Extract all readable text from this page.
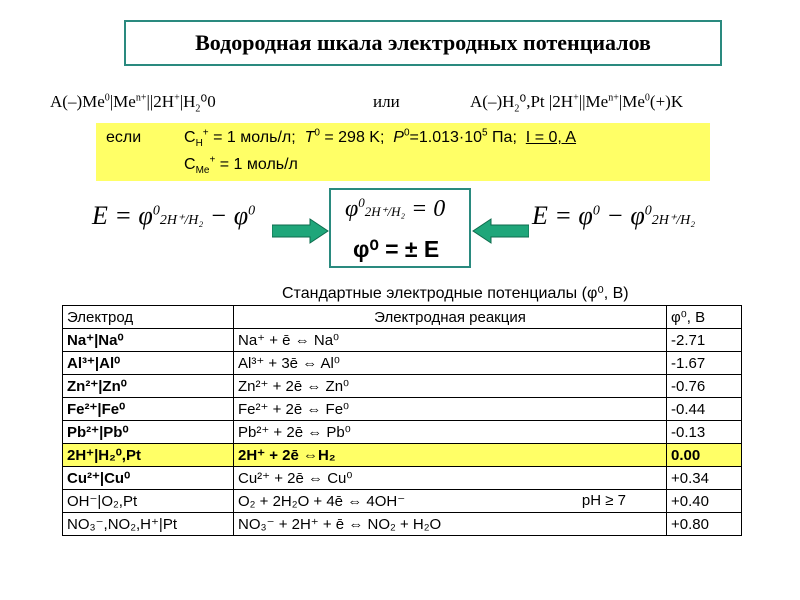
Водородная шкала электродных потенциалов
$A(-)Me^0|Me^{n+}||2H^+|H_2^00$	или	$A(-)H_2^0,Pt$ $|2H^+||Me^{n+}|Me^0(+)K$
если	$C_H^+ = 1$ моль/л; $T^0 = 298$ K; $P^0=1.013\cdot 10^5$ Па; I = 0, A
$C_{Me}^+ = 1$ моль/л
$E = \varphi^02H^+/H_2 - \varphi^0$	$E = \varphi^0 - \varphi^02H^+/H_2$
$\varphi^02H^+/H_2 = 0$
φ⁰ = ± E
Стандартные электродные потенциалы (φ⁰, В)
Электрод	Электродная реакция	φ⁰, В
Na⁺|Na⁰	Na⁺ + ē ⇔ Na⁰	-2.71
Al³⁺|Al⁰	Al³⁺ + 3ē ⇔ Al⁰	-1.67
Zn²⁺|Zn⁰	Zn²⁺ + 2ē ⇔ Zn⁰	-0.76
Fe²⁺|Fe⁰	Fe²⁺ + 2ē ⇔ Fe⁰	-0.44
Pb²⁺|Pb⁰	Pb²⁺ + 2ē ⇔ Pb⁰	-0.13
2H⁺|H₂⁰,Pt	2H⁺ + 2ē ⇔H₂	0.00
Cu²⁺|Cu⁰	Cu²⁺ + 2ē ⇔ Cu⁰	+0.34
OH⁻|O₂,Pt	O₂ + 2H₂O + 4ē ⇔ 4OH⁻ pH ≥ 7	+0.40
NO₃⁻,NO₂,H⁺|Pt	NO₃⁻ + 2H⁺ + ē ⇔ NO₂ + H₂O	+0.80
